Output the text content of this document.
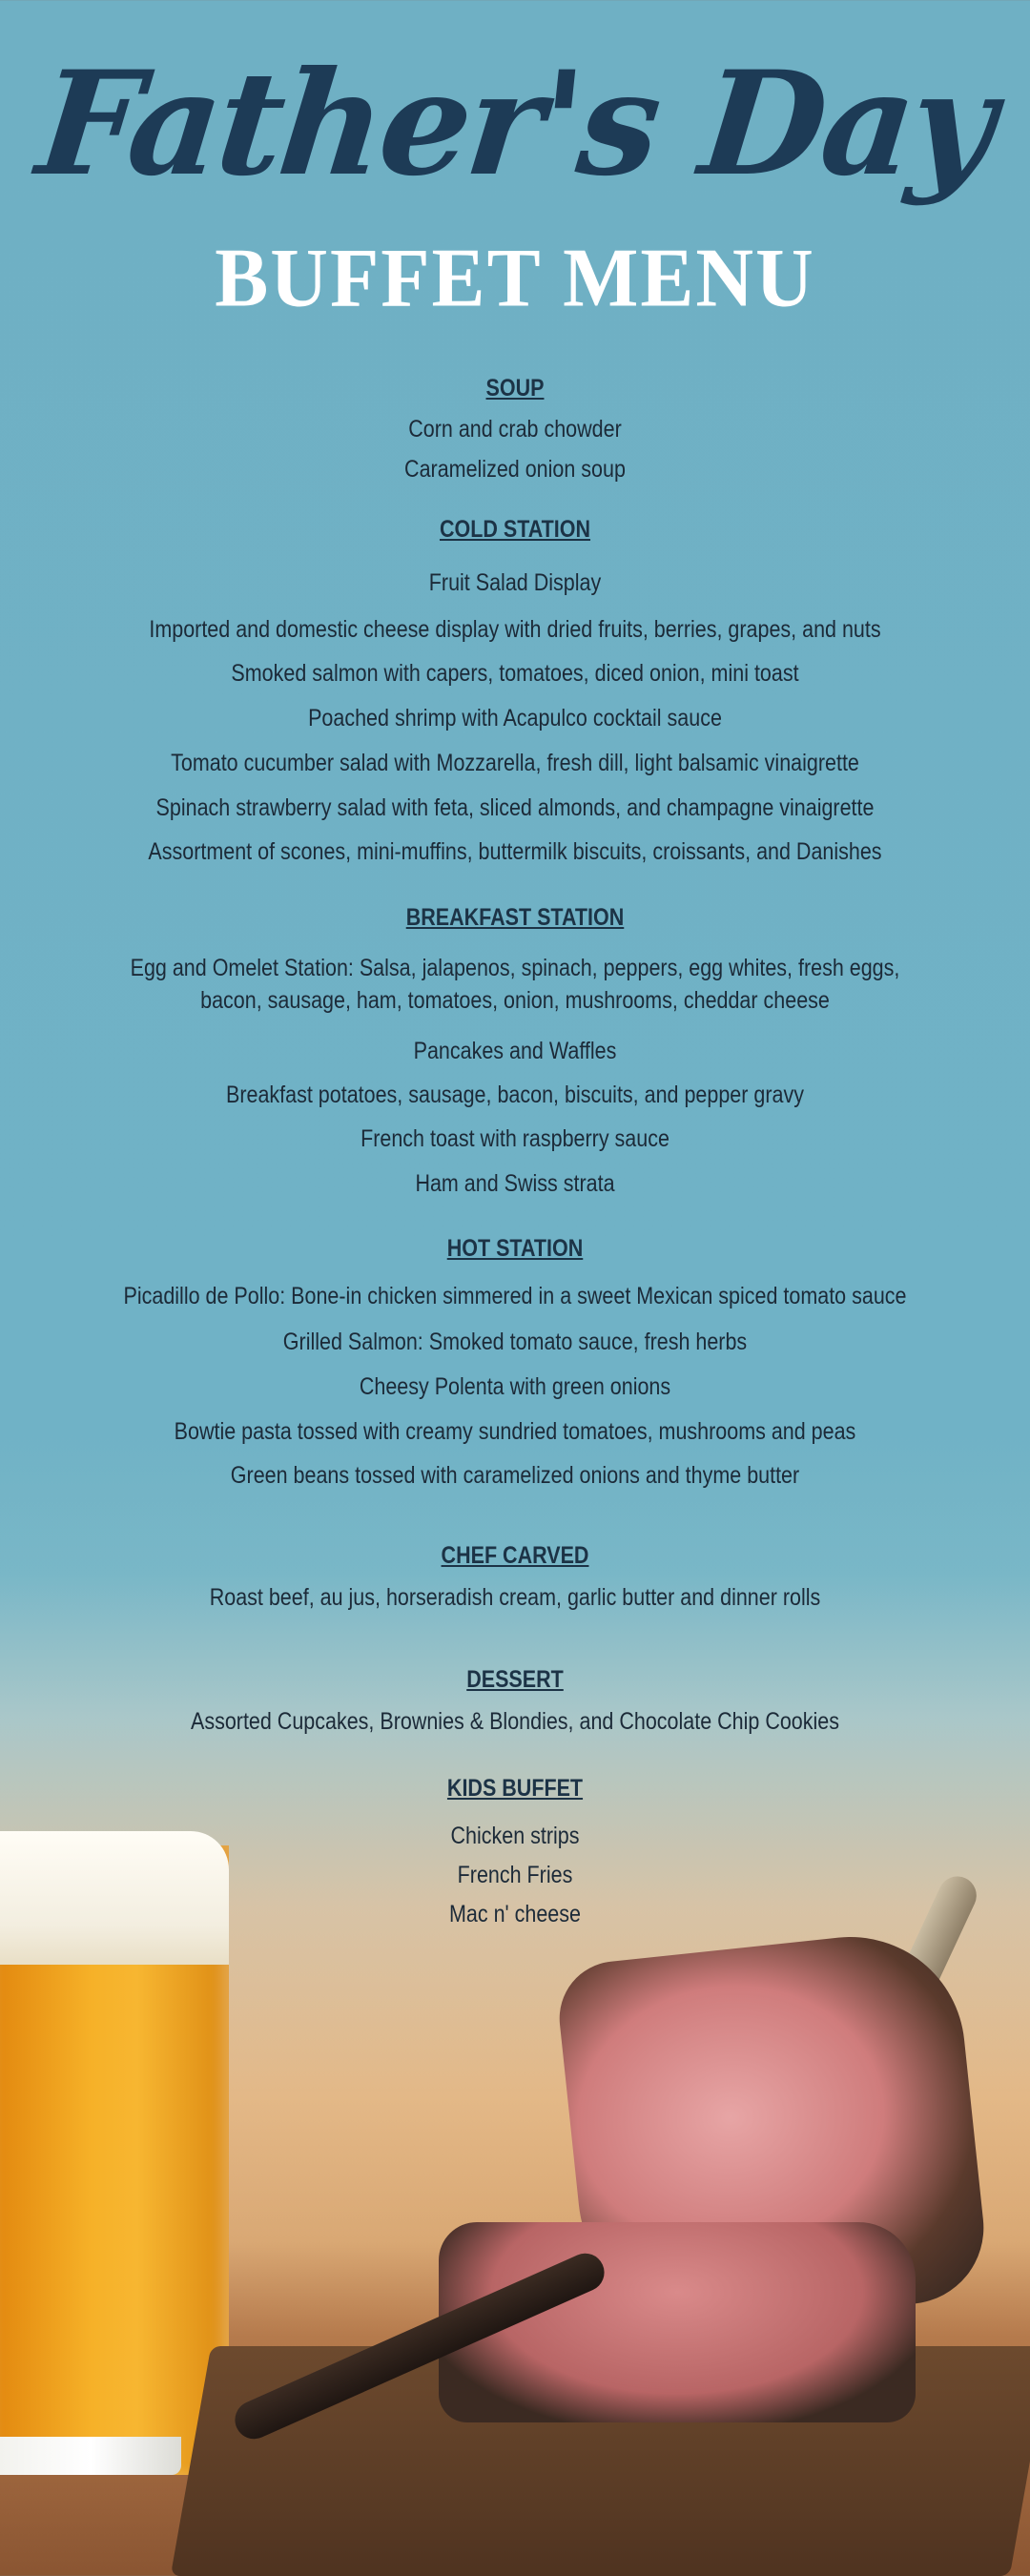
Father's Day
BUFFET MENU
SOUP
Corn and crab chowder
Caramelized onion soup
COLD STATION
Fruit Salad Display
Imported and domestic cheese display with dried fruits, berries, grapes, and nuts
Smoked salmon with capers, tomatoes, diced onion, mini toast
Poached shrimp with Acapulco cocktail sauce
Tomato cucumber salad with Mozzarella, fresh dill, light balsamic vinaigrette
Spinach strawberry salad with feta, sliced almonds, and champagne vinaigrette
Assortment of scones, mini-muffins, buttermilk biscuits, croissants, and Danishes
BREAKFAST STATION
Egg and Omelet Station: Salsa, jalapenos, spinach, peppers, egg whites, fresh eggs, bacon, sausage, ham, tomatoes, onion, mushrooms, cheddar cheese
Pancakes and Waffles
Breakfast potatoes, sausage, bacon, biscuits, and pepper gravy
French toast with raspberry sauce
Ham and Swiss strata
HOT STATION
Picadillo de Pollo: Bone-in chicken simmered in a sweet Mexican spiced tomato sauce
Grilled Salmon: Smoked tomato sauce, fresh herbs
Cheesy Polenta with green onions
Bowtie pasta tossed with creamy sundried tomatoes, mushrooms and peas
Green beans tossed with caramelized onions and thyme butter
CHEF CARVED
Roast beef, au jus, horseradish cream, garlic butter and dinner rolls
DESSERT
Assorted Cupcakes, Brownies & Blondies, and Chocolate Chip Cookies
KIDS BUFFET
Chicken strips
French Fries
Mac n' cheese
